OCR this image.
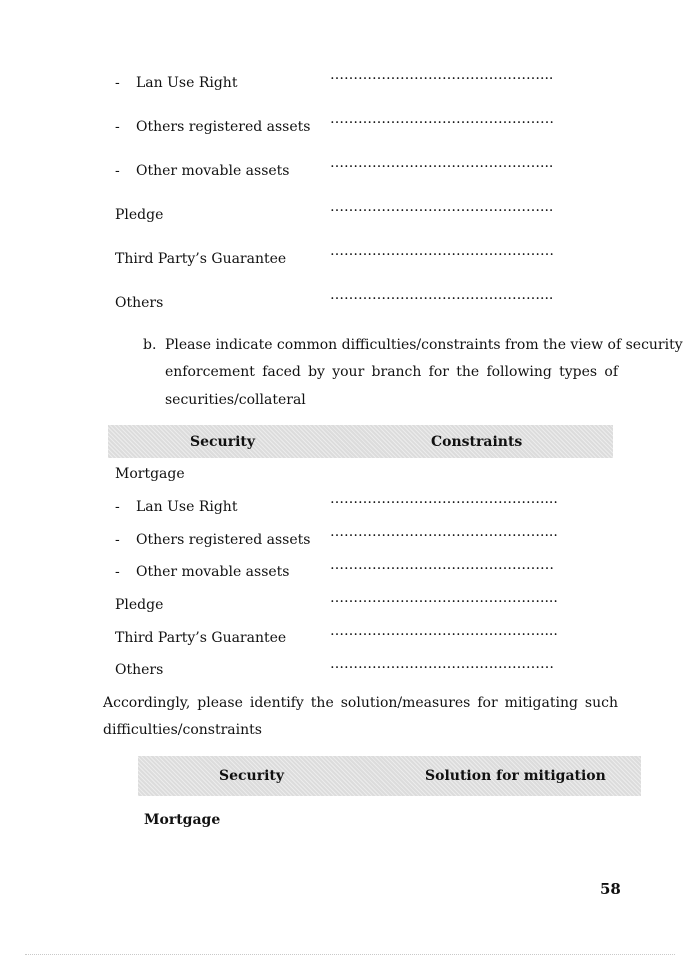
- Lan Use Right	………………………………………...
- Others registered assets …………………………………………
- Other movable assets	………………………………………...
Pledge	………………………………………...
Third Party’s Guarantee	…………………………………………
Others	………………………………………...
b. Please indicate common difficulties/constraints from the view of security
enforcement faced by your branch for the following types of
securities/collateral
Security	Constraints
Mortgage
- Lan Use Right	………………………………………....
- Others registered assets ………………………………………....
- Other movable assets	…………………………………………
Pledge	………………………………………....
Third Party’s Guarantee	………………………………………....
Others	…………………………………………
Accordingly, please identify the solution/measures for mitigating such
difficulties/constraints
Security	Solution for mitigation
Mortgage
58
